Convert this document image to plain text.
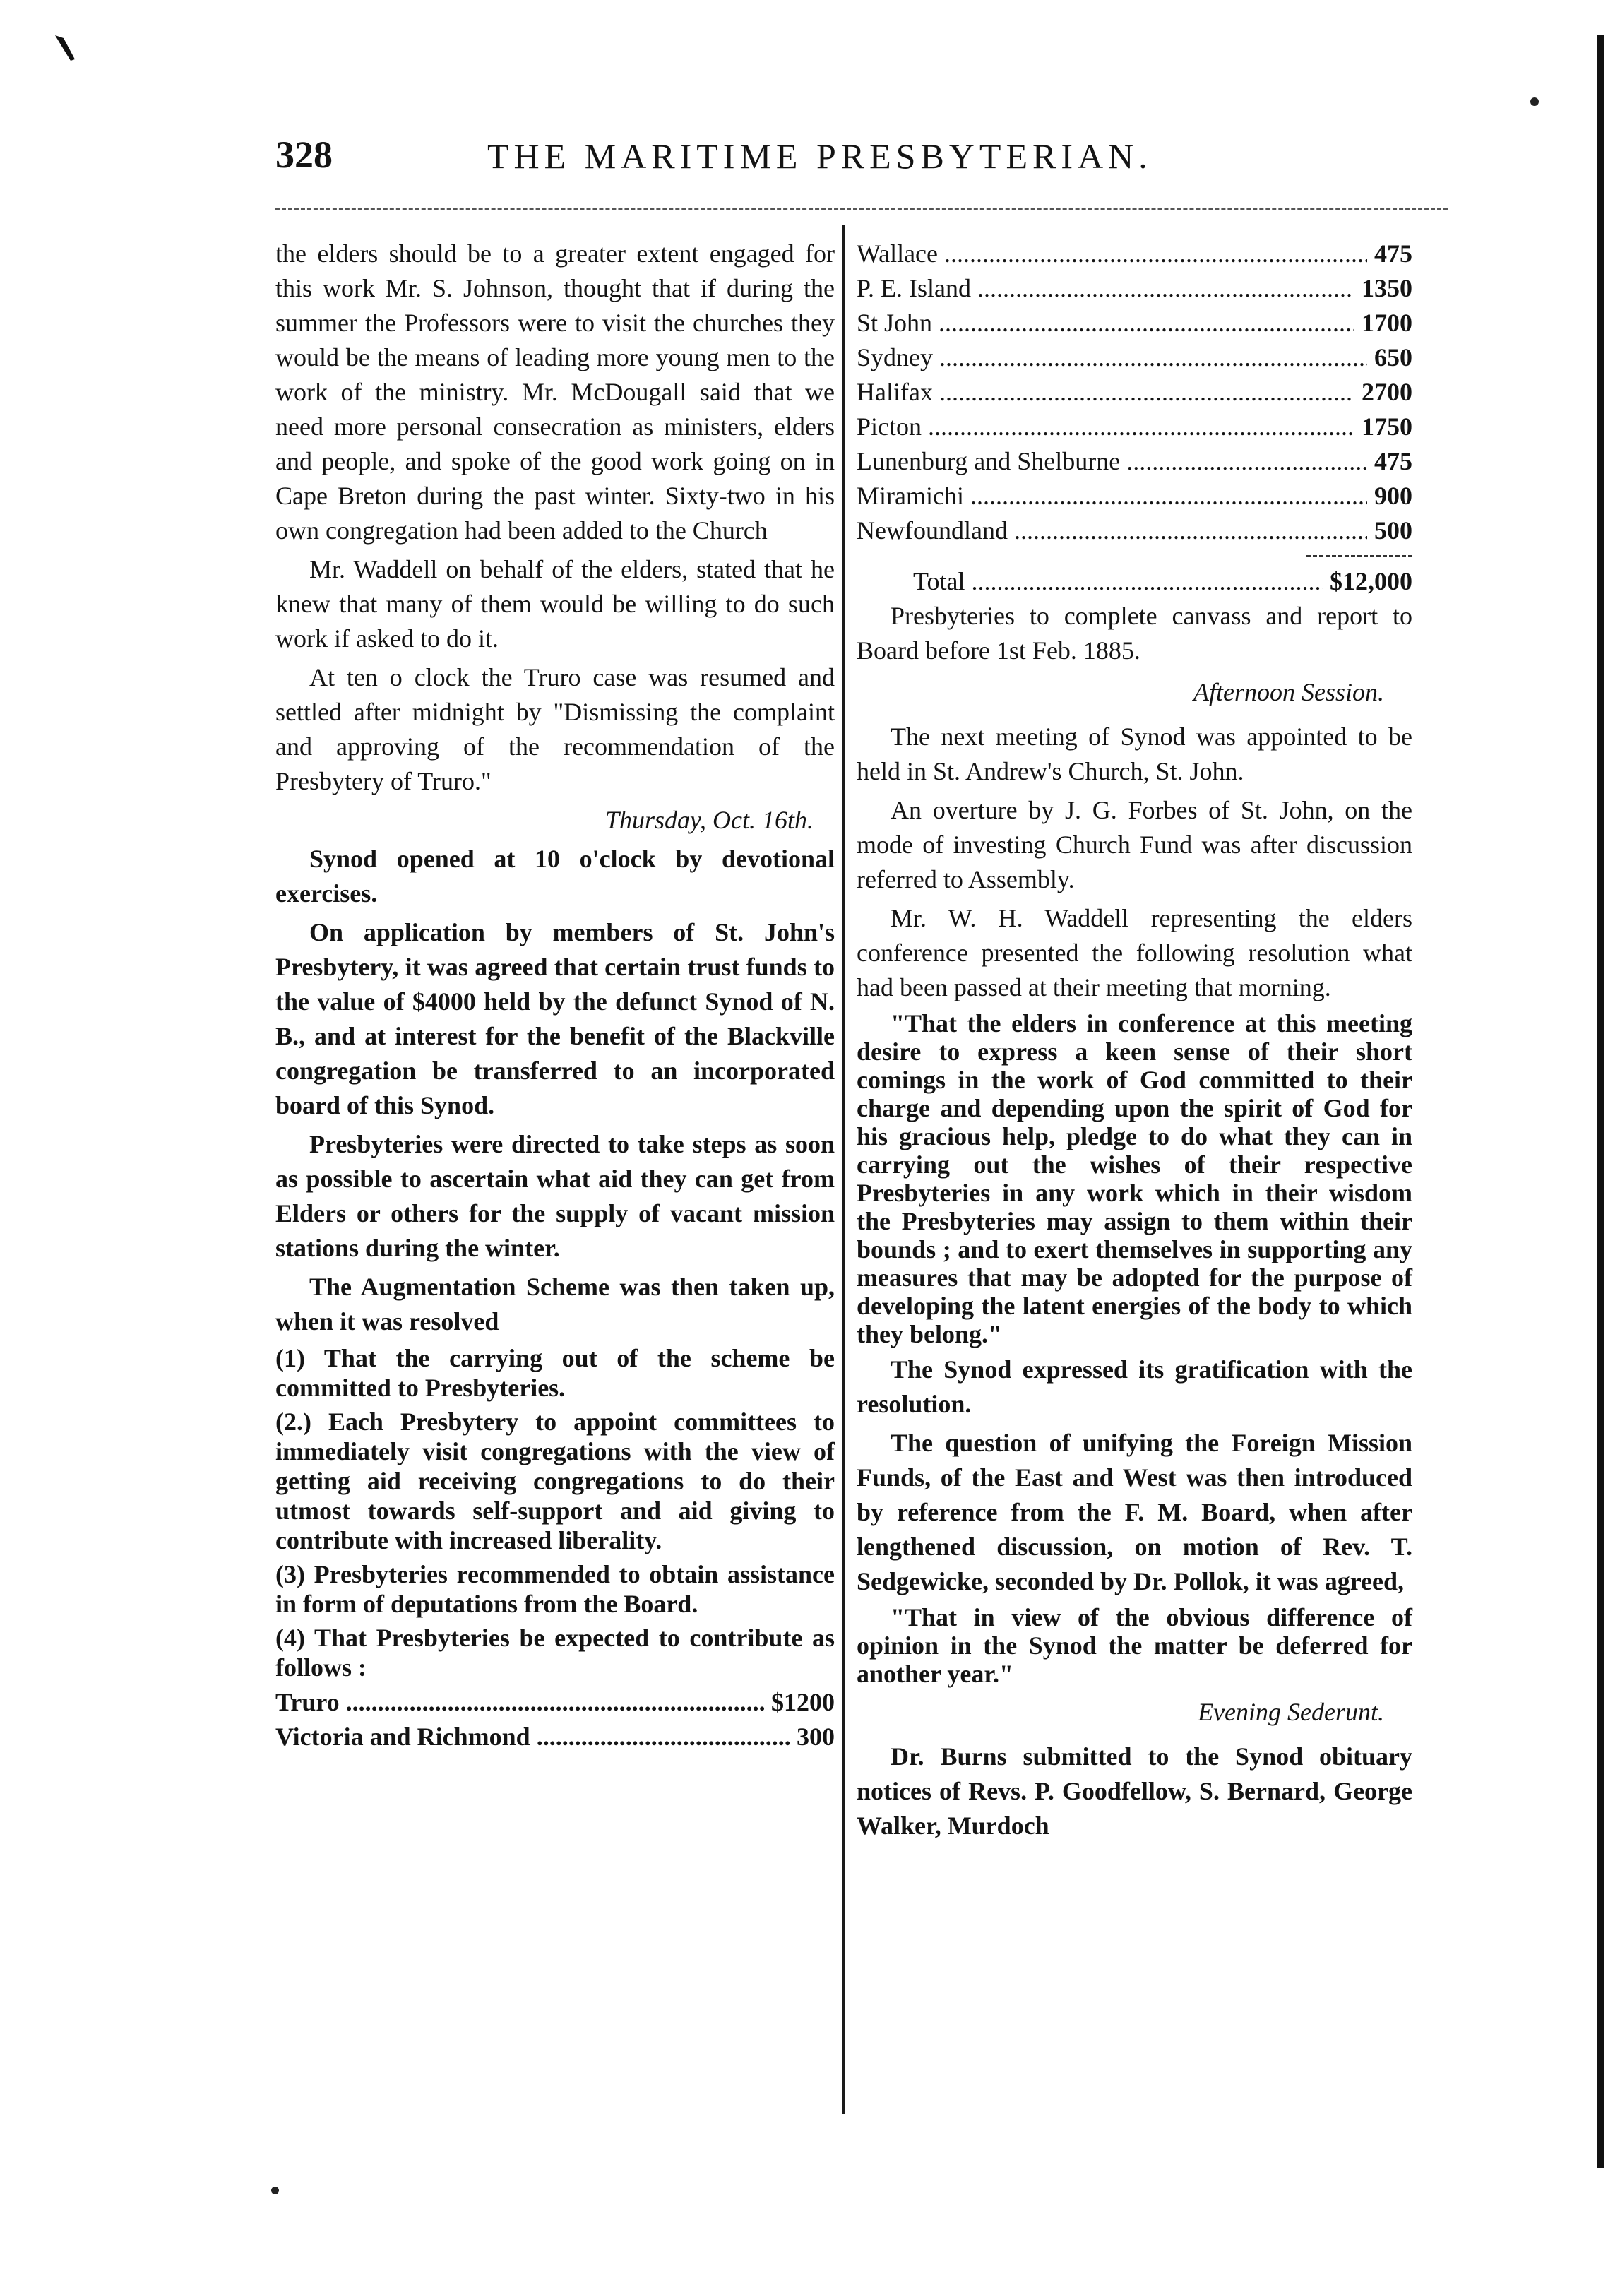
328	THE MARITIME PRESBYTERIAN.

the elders should be to a greater extent engaged for this work Mr. S. Johnson, thought that if during the summer the Professors were to visit the churches they would be the means of leading more young men to the work of the ministry. Mr. McDougall said that we need more personal consecration as ministers, elders and people, and spoke of the good work going on in Cape Breton during the past winter. Sixty-two in his own congregation had been added to the Church

Mr. Waddell on behalf of the elders, stated that he knew that many of them would be willing to do such work if asked to do it.

At ten o clock the Truro case was resumed and settled after midnight by "Dismissing the complaint and approving of the recommendation of the Presbytery of Truro."

Thursday, Oct. 16th.

Synod opened at 10 o'clock by devotional exercises.

On application by members of St. John's Presbytery, it was agreed that certain trust funds to the value of $4000 held by the defunct Synod of N. B., and at interest for the benefit of the Blackville congregation be transferred to an incorporated board of this Synod.

Presbyteries were directed to take steps as soon as possible to ascertain what aid they can get from Elders or others for the supply of vacant mission stations during the winter.

The Augmentation Scheme was then taken up, when it was resolved

(1) That the carrying out of the scheme be committed to Presbyteries.
(2.) Each Presbytery to appoint committees to immediately visit congregations with the view of getting aid receiving congregations to do their utmost towards self-support and aid giving to contribute with increased liberality.
(3) Presbyteries recommended to obtain assistance in form of deputations from the Board.
(4) That Presbyteries be expected to contribute as follows :
Truro .....	$1200
Victoria and Richmond .....	300
Wallace .....	475
P. E. Island .....	1350
St John .....	1700
Sydney .....	650
Halifax .....	2700
Picton .....	1750
Lunenburg and Shelburne .....	475
Miramichi .....	900
Newfoundland .....	500
Total .....	$12,000

Presbyteries to complete canvass and report to Board before 1st Feb. 1885.

Afternoon Session.

The next meeting of Synod was appointed to be held in St. Andrew's Church, St. John.

An overture by J. G. Forbes of St. John, on the mode of investing Church Fund was after discussion referred to Assembly.

Mr. W. H. Waddell representing the elders conference presented the following resolution what had been passed at their meeting that morning.

"That the elders in conference at this meeting desire to express a keen sense of their short comings in the work of God committed to their charge and depending upon the spirit of God for his gracious help, pledge to do what they can in carrying out the wishes of their respective Presbyteries in any work which in their wisdom the Presbyteries may assign to them within their bounds ; and to exert themselves in supporting any measures that may be adopted for the purpose of developing the latent energies of the body to which they belong."

The Synod expressed its gratification with the resolution.

The question of unifying the Foreign Mission Funds, of the East and West was then introduced by reference from the F. M. Board, when after lengthened discussion, on motion of Rev. T. Sedgewicke, seconded by Dr. Pollok, it was agreed,

"That in view of the obvious difference of opinion in the Synod the matter be deferred for another year."

Evening Sederunt.

Dr. Burns submitted to the Synod obituary notices of Revs. P. Goodfellow, S. Bernard, George Walker, Murdoch
